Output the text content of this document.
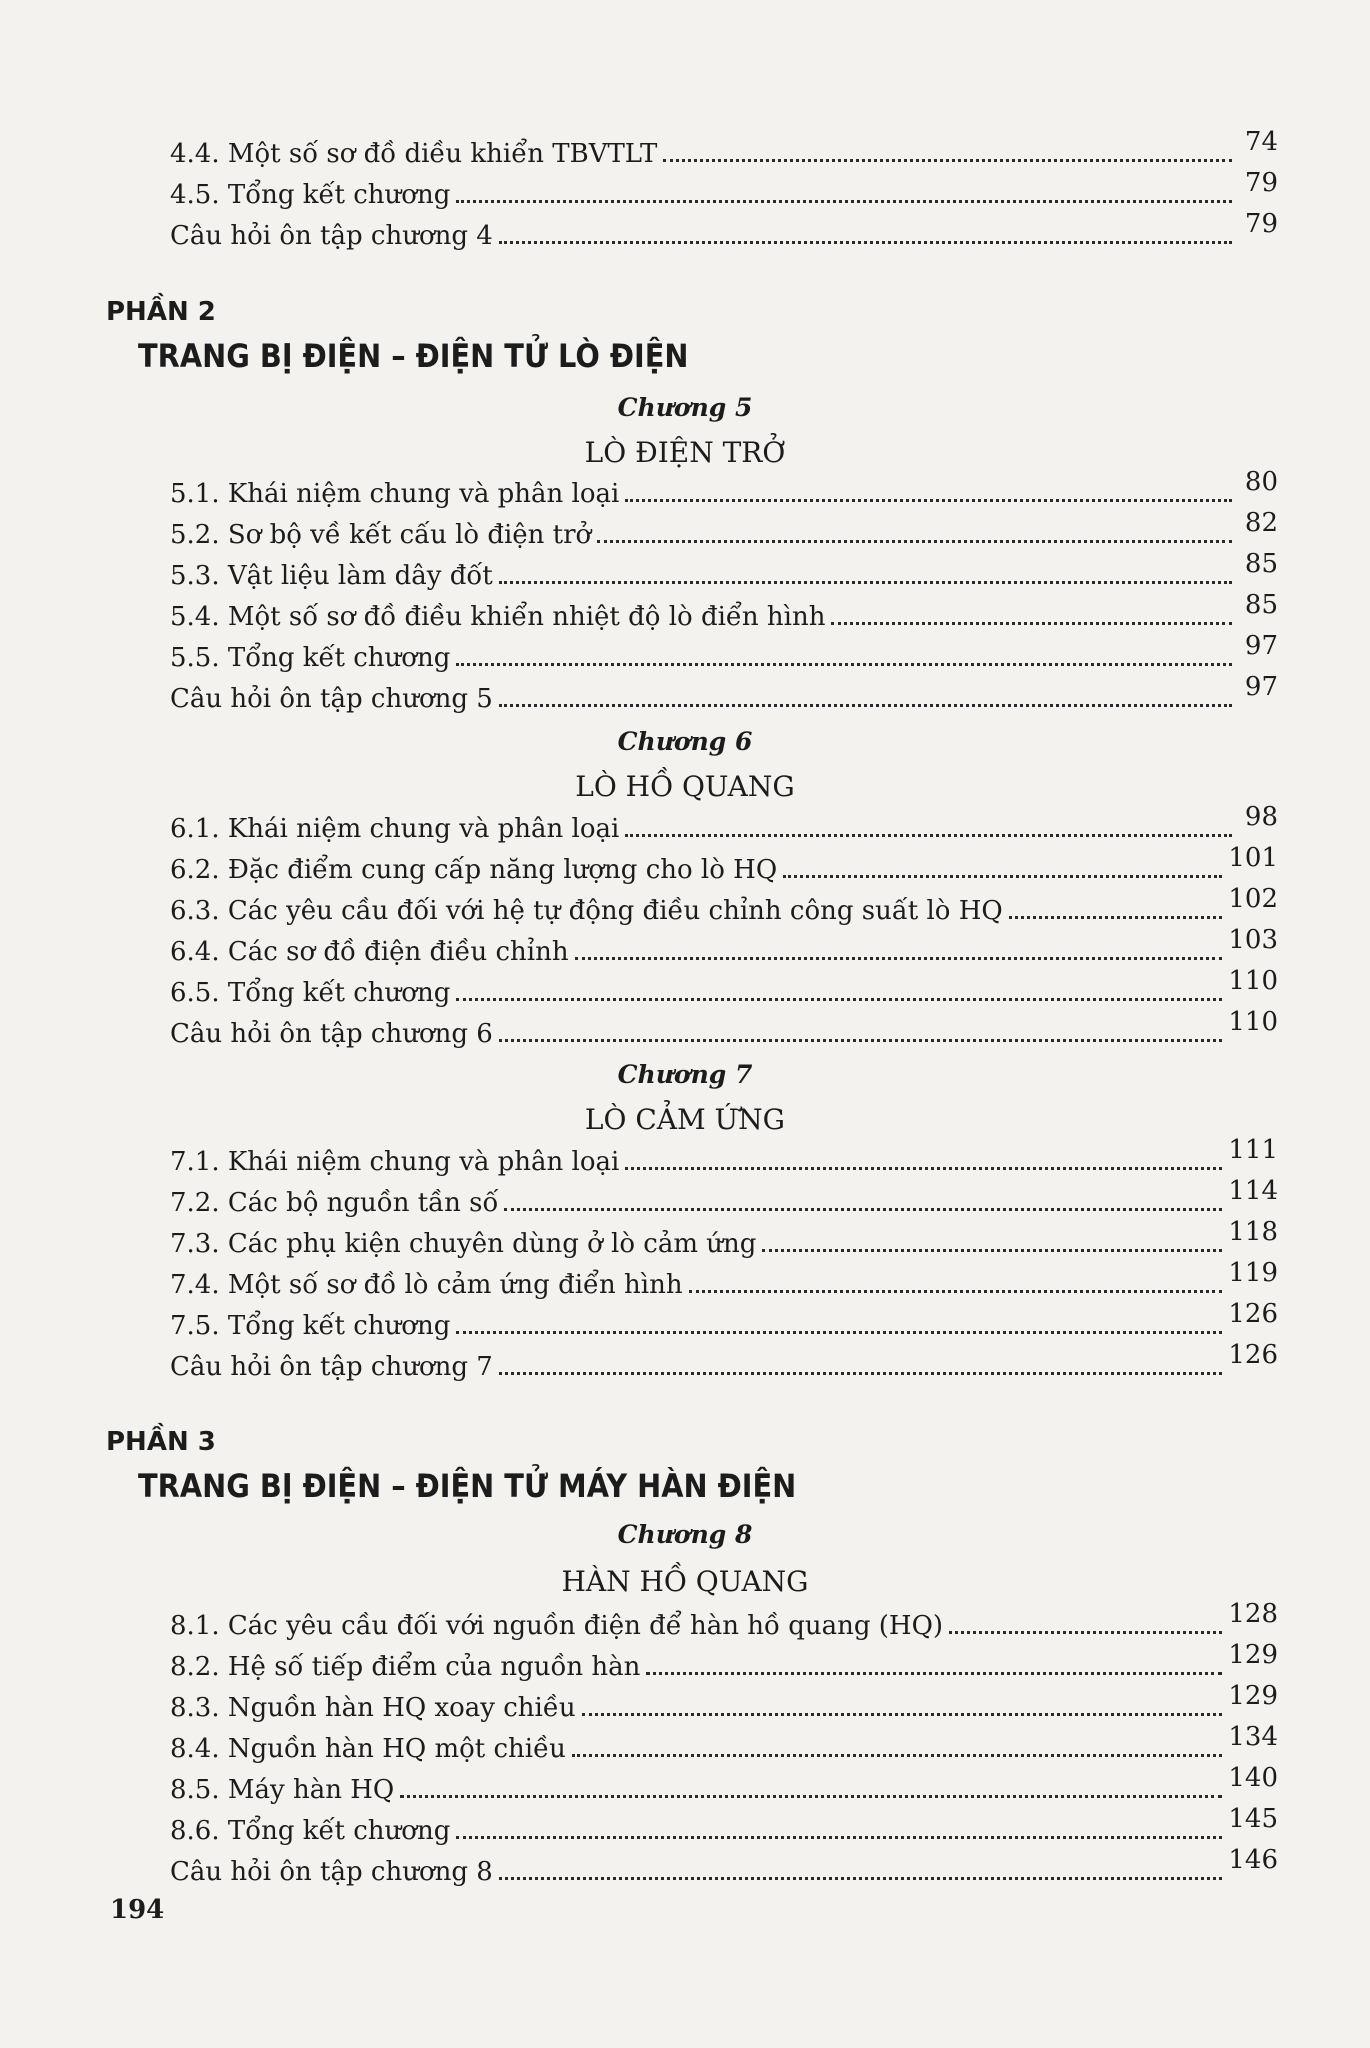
4.4. Một số sơ đồ diều khiển TBVTLT	74
4.5. Tổng kết chương	79
Câu hỏi ôn tập chương 4	79
PHẦN 2
TRANG BỊ ĐIỆN – ĐIỆN TỬ LÒ ĐIỆN
Chương 5
LÒ ĐIỆN TRỞ
5.1. Khái niệm chung và phân loại	80
5.2. Sơ bộ về kết cấu lò điện trở	82
5.3. Vật liệu làm dây đốt	85
5.4. Một số sơ đồ điều khiển nhiệt độ lò điển hình	85
5.5. Tổng kết chương	97
Câu hỏi ôn tập chương 5	97
Chương 6
LÒ HỒ QUANG
6.1. Khái niệm chung và phân loại	98
6.2. Đặc điểm cung cấp năng lượng cho lò HQ	101
6.3. Các yêu cầu đối với hệ tự động điều chỉnh công suất lò HQ	102
6.4. Các sơ đồ điện điều chỉnh	103
6.5. Tổng kết chương	110
Câu hỏi ôn tập chương 6	110
Chương 7
LÒ CẢM ỨNG
7.1. Khái niệm chung và phân loại	111
7.2. Các bộ nguồn tần số	114
7.3. Các phụ kiện chuyên dùng ở lò cảm ứng	118
7.4. Một số sơ đồ lò cảm ứng điển hình	119
7.5. Tổng kết chương	126
Câu hỏi ôn tập chương 7	126
PHẦN 3
TRANG BỊ ĐIỆN – ĐIỆN TỬ MÁY HÀN ĐIỆN
Chương 8
HÀN HỒ QUANG
8.1. Các yêu cầu đối với nguồn điện để hàn hồ quang (HQ)	128
8.2. Hệ số tiếp điểm của nguồn hàn	129
8.3. Nguồn hàn HQ xoay chiều	129
8.4. Nguồn hàn HQ một chiều	134
8.5. Máy hàn HQ	140
8.6. Tổng kết chương	145
Câu hỏi ôn tập chương 8	146
194
